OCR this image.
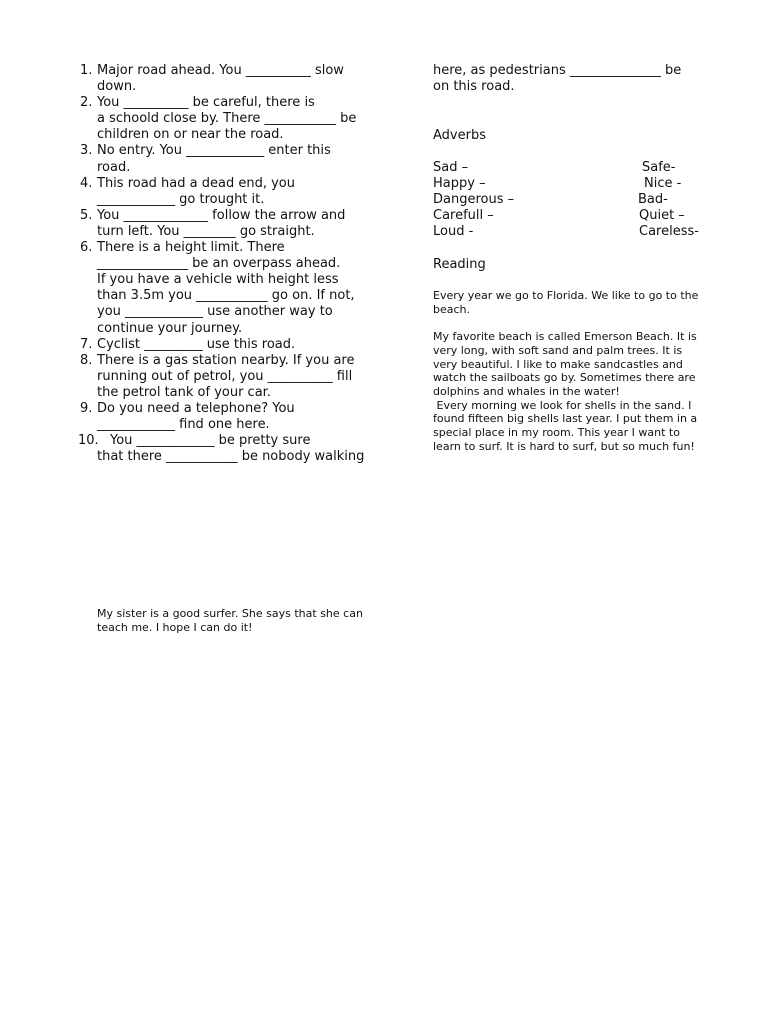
1. Major road ahead. You __________ slow
down.
2. You __________ be careful, there is
a schoold close by. There ___________ be
children on or near the road.
3. No entry. You ____________ enter this
road.
4. This road had a dead end, you
____________ go trought it.
5. You _____________ follow the arrow and
turn left. You ________ go straight.
6. There is a height limit. There
______________ be an overpass ahead.
If you have a vehicle with height less
than 3.5m you ___________ go on. If not,
you ____________ use another way to
continue your journey.
7. Cyclist _________ use this road.
8. There is a gas station nearby. If you are
running out of petrol, you __________ fill
the petrol tank of your car.
9. Do you need a telephone? You
____________ find one here.
10. You ____________ be pretty sure
that there ___________ be nobody walking
here, as pedestrians ______________ be
on this road.
Adverbs
Sad –	Safe-
Happy –	Nice -
Dangerous –	Bad-
Carefull –	Quiet –
Loud -	Careless-
Reading

Every year we go to Florida. We like to go to the
beach.

My favorite beach is called Emerson Beach. It is
very long, with soft sand and palm trees. It is
very beautiful. I like to make sandcastles and
watch the sailboats go by. Sometimes there are
dolphins and whales in the water!
Every morning we look for shells in the sand. I
found fifteen big shells last year. I put them in a
special place in my room. This year I want to
learn to surf. It is hard to surf, but so much fun!

My sister is a good surfer. She says that she can
teach me. I hope I can do it!
